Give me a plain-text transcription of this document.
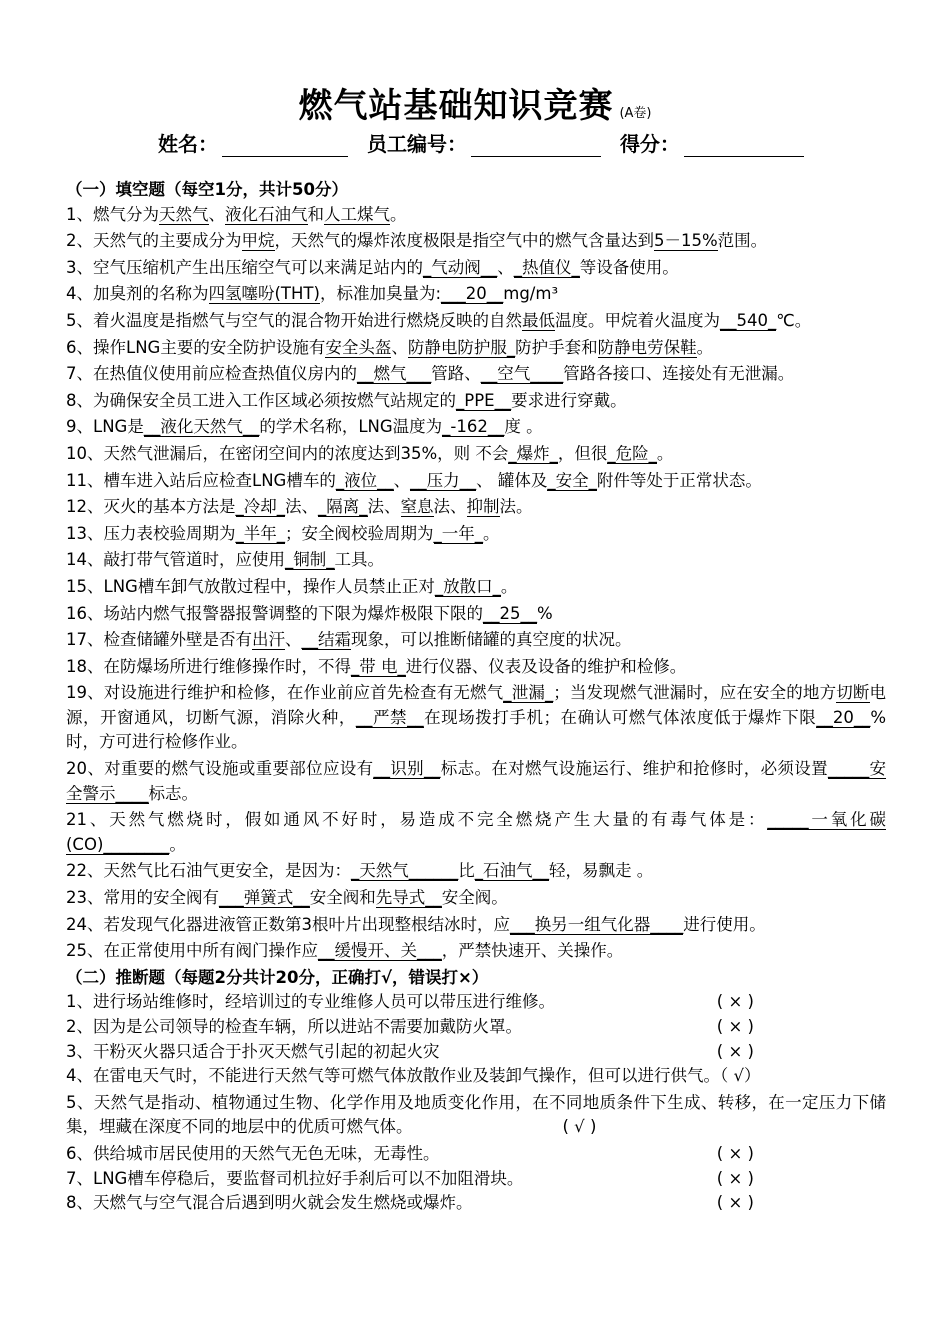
燃气站基础知识竞赛 (A卷)
姓名：	员工编号：	得分：
（一）填空题（每空1分，共计50分）
1、燃气分为天然气、液化石油气和人工煤气。
2、天然气的主要成分为甲烷，天然气的爆炸浓度极限是指空气中的燃气含量达到5－15%范围。
3、空气压缩机产生出压缩空气可以来满足站内的_气动阀__、_热值仪_等设备使用。
4、加臭剂的名称为四氢噻吩(THT)，标准加臭量为:___20__mg/m³
5、着火温度是指燃气与空气的混合物开始进行燃烧反映的自然最低温度。甲烷着火温度为__540_℃。
6、操作LNG主要的安全防护设施有安全头盔、防静电防护服_防护手套和防静电劳保鞋。
7、在热值仪使用前应检查热值仪房内的__燃气___管路、__空气____管路各接口、连接处有无泄漏。
8、为确保安全员工进入工作区域必须按燃气站规定的_PPE__要求进行穿戴。
9、LNG是__液化天然气__的学术名称，LNG温度为_-162__度 。
10、天然气泄漏后，在密闭空间内的浓度达到35%，则 不会_爆炸_，但很_危险_。
11、槽车进入站后应检查LNG槽车的_液位__、__压力__、 罐体及_安全_附件等处于正常状态。
12、灭火的基本方法是_冷却_法、_隔离_法、窒息法、抑制法。
13、压力表校验周期为_半年_；安全阀校验周期为_一年_。
14、敲打带气管道时，应使用_铜制_工具。
15、LNG槽车卸气放散过程中，操作人员禁止正对_放散口_。
16、场站内燃气报警器报警调整的下限为爆炸极限下限的__25__%
17、检查储罐外壁是否有出汗、__结霜现象，可以推断储罐的真空度的状况。
18、在防爆场所进行维修操作时，不得_带 电_进行仪器、仪表及设备的维护和检修。
19、对设施进行维护和检修，在作业前应首先检查有无燃气_泄漏_；当发现燃气泄漏时，应在安全的地方切断电源，开窗通风，切断气源，消除火种，__严禁__在现场拨打手机；在确认可燃气体浓度低于爆炸下限__20__%时，方可进行检修作业。
20、对重要的燃气设施或重要部位应设有__识别__标志。在对燃气设施运行、维护和抢修时，必须设置_____安全警示____标志。
21、天然气燃烧时，假如通风不好时，易造成不完全燃烧产生大量的有毒气体是：_____一氧化碳(CO)________。
22、天然气比石油气更安全，是因为：_天然气______比_石油气__轻，易飘走 。
23、常用的安全阀有___弹簧式__安全阀和先导式__安全阀。
24、若发现气化器进液管正数第3根叶片出现整根结冰时，应___换另一组气化器____进行使用。
25、在正常使用中所有阀门操作应__缓慢开、关___，严禁快速开、关操作。
（二）推断题（每题2分共计20分，正确打√，错误打×）
1、进行场站维修时，经培训过的专业维修人员可以带压进行维修。	( × )
2、因为是公司领导的检查车辆，所以进站不需要加戴防火罩。	( × )
3、干粉灭火器只适合于扑灭天燃气引起的初起火灾	( × )
4、在雷电天气时，不能进行天然气等可燃气体放散作业及装卸气操作，但可以进行供气。（ √）
5、天然气是指动、植物通过生物、化学作用及地质变化作用，在不同地质条件下生成、转移，在一定压力下储集，埋藏在深度不同的地层中的优质可燃气体。	( √ )
6、供给城市居民使用的天然气无色无味，无毒性。	( × )
7、LNG槽车停稳后，要监督司机拉好手刹后可以不加阻滑块。	( × )
8、天燃气与空气混合后遇到明火就会发生燃烧或爆炸。	( × )
